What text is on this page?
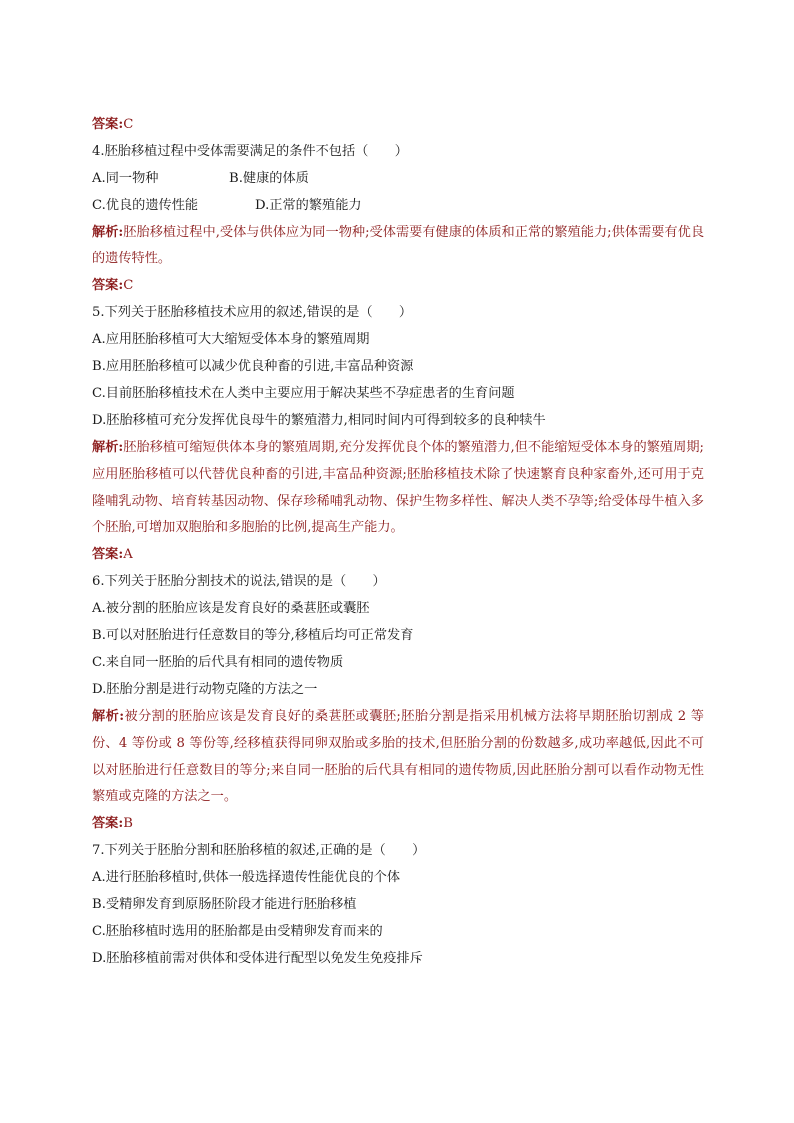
答案:C
4.胚胎移植过程中受体需要满足的条件不包括（　　）
A.同一物种	B.健康的体质
C.优良的遗传性能	D.正常的繁殖能力
解析:胚胎移植过程中,受体与供体应为同一物种;受体需要有健康的体质和正常的繁殖能力;供体需要有优良的遗传特性。
答案:C
5.下列关于胚胎移植技术应用的叙述,错误的是（　　）
A.应用胚胎移植可大大缩短受体本身的繁殖周期
B.应用胚胎移植可以减少优良种畜的引进,丰富品种资源
C.目前胚胎移植技术在人类中主要应用于解决某些不孕症患者的生育问题
D.胚胎移植可充分发挥优良母牛的繁殖潜力,相同时间内可得到较多的良种犊牛
解析:胚胎移植可缩短供体本身的繁殖周期,充分发挥优良个体的繁殖潜力,但不能缩短受体本身的繁殖周期;应用胚胎移植可以代替优良种畜的引进,丰富品种资源;胚胎移植技术除了快速繁育良种家畜外,还可用于克隆哺乳动物、培育转基因动物、保存珍稀哺乳动物、保护生物多样性、解决人类不孕等;给受体母牛植入多个胚胎,可增加双胞胎和多胞胎的比例,提高生产能力。
答案:A
6.下列关于胚胎分割技术的说法,错误的是（　　）
A.被分割的胚胎应该是发育良好的桑葚胚或囊胚
B.可以对胚胎进行任意数目的等分,移植后均可正常发育
C.来自同一胚胎的后代具有相同的遗传物质
D.胚胎分割是进行动物克隆的方法之一
解析:被分割的胚胎应该是发育良好的桑葚胚或囊胚;胚胎分割是指采用机械方法将早期胚胎切割成 2 等份、4 等份或 8 等份等,经移植获得同卵双胎或多胎的技术,但胚胎分割的份数越多,成功率越低,因此不可以对胚胎进行任意数目的等分;来自同一胚胎的后代具有相同的遗传物质,因此胚胎分割可以看作动物无性繁殖或克隆的方法之一。
答案:B
7.下列关于胚胎分割和胚胎移植的叙述,正确的是（　　）
A.进行胚胎移植时,供体一般选择遗传性能优良的个体
B.受精卵发育到原肠胚阶段才能进行胚胎移植
C.胚胎移植时选用的胚胎都是由受精卵发育而来的
D.胚胎移植前需对供体和受体进行配型以免发生免疫排斥
